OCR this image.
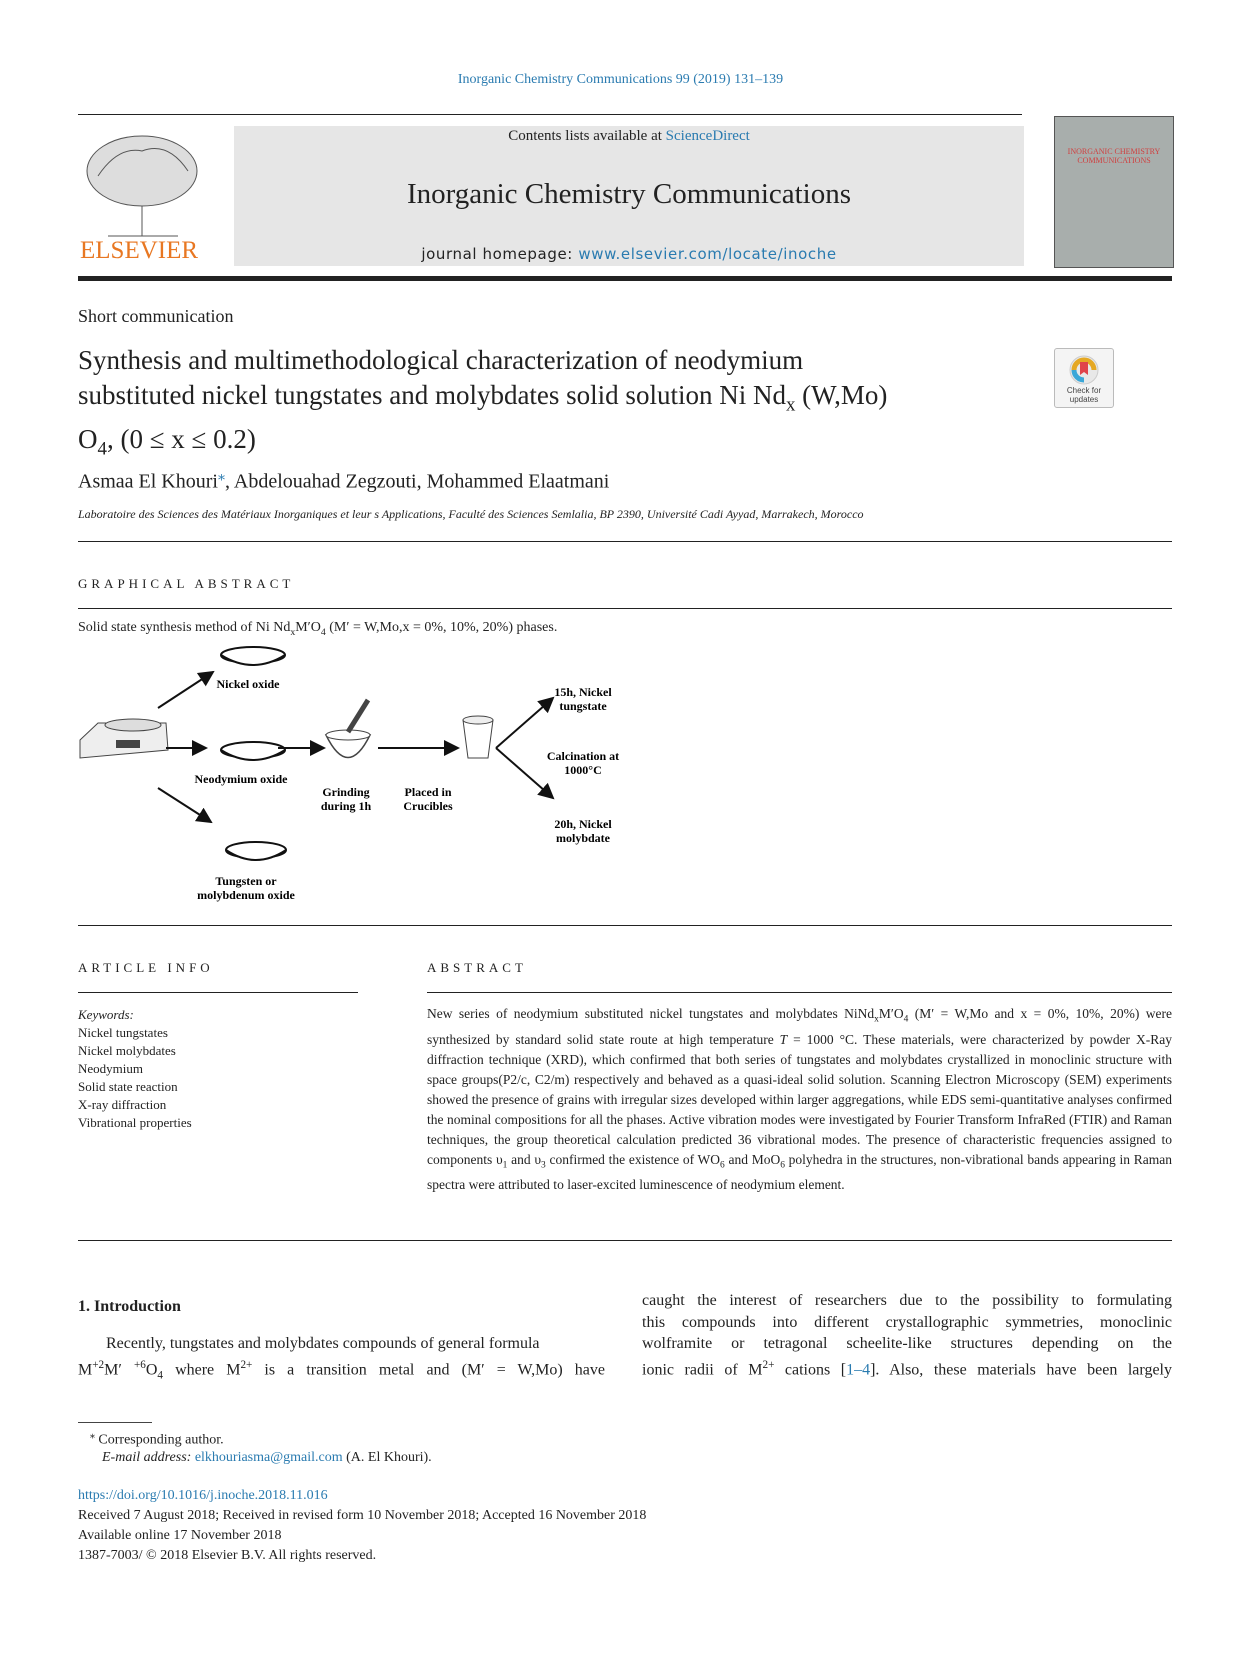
Inorganic Chemistry Communications 99 (2019) 131–139
ELSEVIER
Contents lists available at ScienceDirect
Inorganic Chemistry Communications
journal homepage: www.elsevier.com/locate/inoche
INORGANIC CHEMISTRY COMMUNICATIONS
Short communication
Synthesis and multimethodological characterization of neodymium
substituted nickel tungstates and molybdates solid solution Ni $Nd_x$ (W,Mo)
$O_4$, (0 ≤ x ≤ 0.2)
Check for
updates
Asmaa El Khouri⁎, Abdelouahad Zegzouti, Mohammed Elaatmani
Laboratoire des Sciences des Matériaux Inorganiques et leur s Applications, Faculté des Sciences Semlalia, BP 2390, Université Cadi Ayyad, Marrakech, Morocco
GRAPHICAL ABSTRACT
Solid state synthesis method of Ni $Nd_xM'O_4$ (M′ = W,Mo,x = 0%, 10%, 20%) phases.
Nickel oxide
Neodymium oxide
Tungsten or
molybdenum oxide
Grinding
during 1h
Placed in
Crucibles
15h, Nickel
tungstate
Calcination at
1000°C
20h, Nickel
molybdate
ARTICLE INFO
Keywords:
Nickel tungstates
Nickel molybdates
Neodymium
Solid state reaction
X-ray diffraction
Vibrational properties
ABSTRACT
New series of neodymium substituted nickel tungstates and molybdates $NiNd_xM'O_4$ (M′ = W,Mo and x = 0%, 10%, 20%) were synthesized by standard solid state route at high temperature T = 1000 °C. These materials, were characterized by powder X-Ray diffraction technique (XRD), which confirmed that both series of tungstates and molybdates crystallized in monoclinic structure with space groups(P2/c, C2/m) respectively and behaved as a quasi-ideal solid solution. Scanning Electron Microscopy (SEM) experiments showed the presence of grains with irregular sizes developed within larger aggregations, while EDS semi-quantitative analyses confirmed the nominal compositions for all the phases. Active vibration modes were investigated by Fourier Transform InfraRed (FTIR) and Raman techniques, the group theoretical calculation predicted 36 vibrational modes. The presence of characteristic frequencies assigned to components $\upsilon_1$ and $\upsilon_3$ confirmed the existence of $WO_6$ and MoO$_6$ polyhedra in the structures, non-vibrational bands appearing in Raman spectra were attributed to laser-excited luminescence of neodymium element.
1. Introduction
Recently, tungstates and molybdates compounds of general formula
$M^{+2}M'$ $^{+6}O_4$ where $M^{2+}$ is a transition metal and (M′ = W,Mo) have
caught the interest of researchers due to the possibility to formulating
this compounds into different crystallographic symmetries, monoclinic
wolframite or tetragonal scheelite-like structures depending on the
ionic radii of $M^{2+}$ cations [1–4]. Also, these materials have been largely
⁎ Corresponding author.
E-mail address: elkhouriasma@gmail.com (A. El Khouri).
https://doi.org/10.1016/j.inoche.2018.11.016
Received 7 August 2018; Received in revised form 10 November 2018; Accepted 16 November 2018
Available online 17 November 2018
1387-7003/ © 2018 Elsevier B.V. All rights reserved.
